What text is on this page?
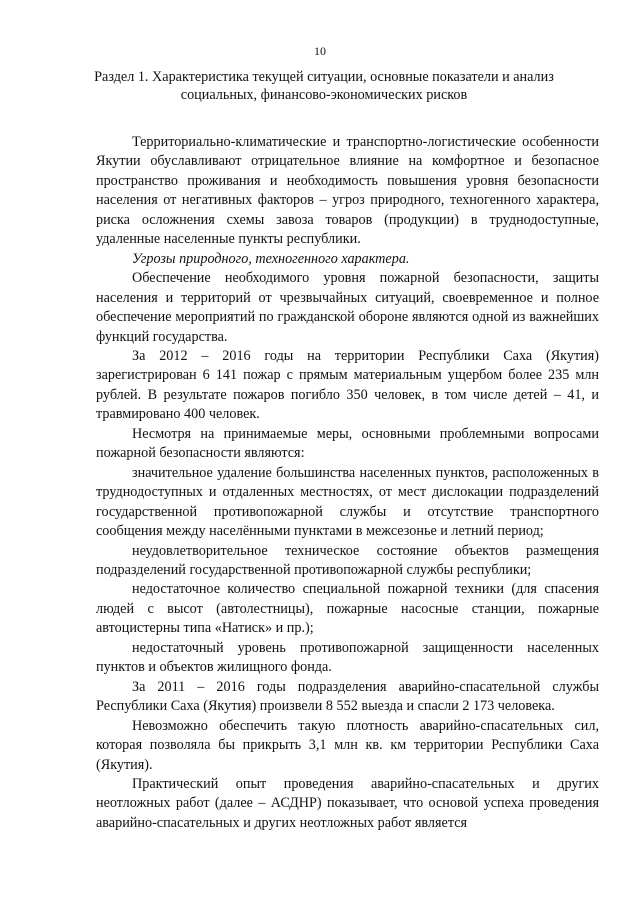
10
Раздел 1. Характеристика текущей ситуации, основные показатели и анализ социальных, финансово-экономических рисков

Территориально-климатические и транспортно-логистические особенности Якутии обуславливают отрицательное влияние на комфортное и безопасное пространство проживания и необходимость повышения уровня безопасности населения от негативных факторов – угроз природного, техногенного характера, риска осложнения схемы завоза товаров (продукции) в труднодоступные, удаленные населенные пункты республики.

Угрозы природного, техногенного характера.

Обеспечение необходимого уровня пожарной безопасности, защиты населения и территорий от чрезвычайных ситуаций, своевременное и полное обеспечение мероприятий по гражданской обороне являются одной из важнейших функций государства.

За 2012 – 2016 годы на территории Республики Саха (Якутия) зарегистрирован 6 141 пожар с прямым материальным ущербом более 235 млн рублей. В результате пожаров погибло 350 человек, в том числе детей – 41, и травмировано 400 человек.

Несмотря на принимаемые меры, основными проблемными вопросами пожарной безопасности являются:

значительное удаление большинства населенных пунктов, расположенных в труднодоступных и отдаленных местностях, от мест дислокации подразделений государственной противопожарной службы и отсутствие транспортного сообщения между населёнными пунктами в межсезонье и летний период;

неудовлетворительное техническое состояние объектов размещения подразделений государственной противопожарной службы республики;

недостаточное количество специальной пожарной техники (для спасения людей с высот (автолестницы), пожарные насосные станции, пожарные автоцистерны типа «Натиск» и пр.);

недостаточный уровень противопожарной защищенности населенных пунктов и объектов жилищного фонда.

За 2011 – 2016 годы подразделения аварийно-спасательной службы Республики Саха (Якутия) произвели 8 552 выезда и спасли 2 173 человека.

Невозможно обеспечить такую плотность аварийно-спасательных сил, которая позволяла бы прикрыть 3,1 млн кв. км территории Республики Саха (Якутия).

Практический опыт проведения аварийно-спасательных и других неотложных работ (далее – АСДНР) показывает, что основой успеха проведения аварийно-спасательных и других неотложных работ является
